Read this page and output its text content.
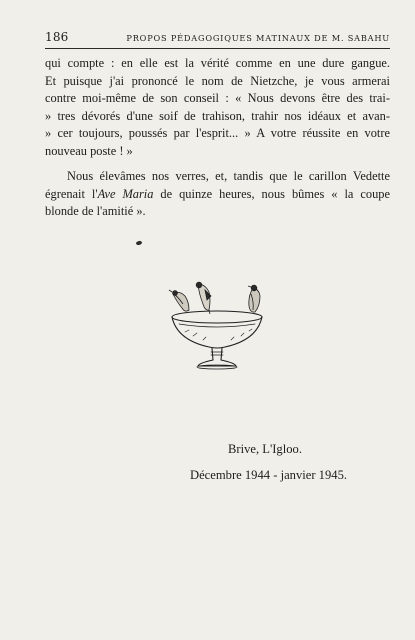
186	PROPOS PÉDAGOGIQUES MATINAUX DE M. SABAHU

qui compte : en elle est la vérité comme en une dure gangue.
Et puisque j'ai prononcé le nom de Nietzche, je vous armerai
contre moi-même de son conseil : « Nous devons être des trai-
» tres dévorés d'une soif de trahison, trahir nos idéaux et avan-
» cer toujours, poussés par l'esprit... » A votre réussite en votre
nouveau poste ! »

Nous élevâmes nos verres, et, tandis que le carillon Vedette
égrenait l'Ave Maria de quinze heures, nous bûmes « la coupe
blonde de l'amitié ».

Brive, L'Igloo.
Décembre 1944 - janvier 1945.
